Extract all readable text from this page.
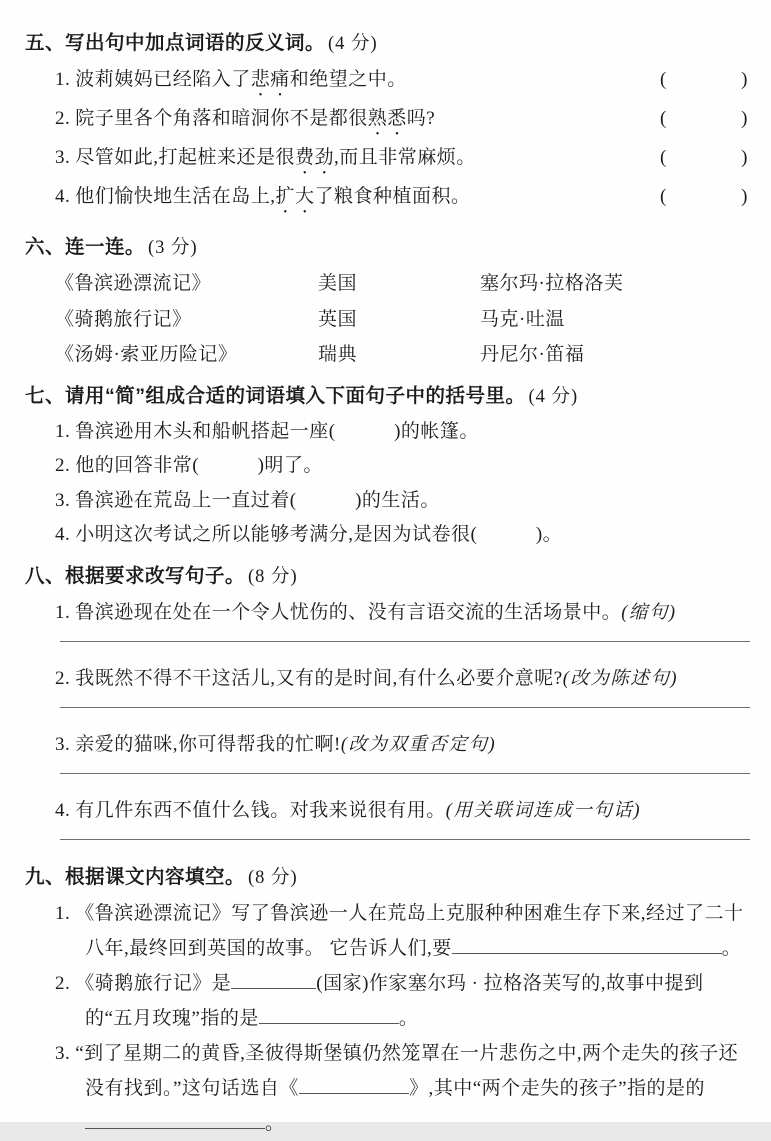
五、写出句中加点词语的反义词。 (4 分)

1. 波莉姨妈已经陷入了悲痛和绝望之中。	(	)

2. 院子里各个角落和暗洞你不是都很熟悉吗?	(	)

3. 尽管如此,打起桩来还是很费劲,而且非常麻烦。	(	)

4. 他们愉快地生活在岛上,扩大了粮食种植面积。	(	)
六、连一连。 (3 分)
《鲁滨逊漂流记》	美国	塞尔玛·拉格洛芙
《骑鹅旅行记》	英国	马克·吐温
《汤姆·索亚历险记》	瑞典	丹尼尔·笛福
七、请用“简”组成合适的词语填入下面句子中的括号里。 (4 分)

1. 鲁滨逊用木头和船帆搭起一座(　　　)的帐篷。

2. 他的回答非常(　　　)明了。

3. 鲁滨逊在荒岛上一直过着(　　　)的生活。

4. 小明这次考试之所以能够考满分,是因为试卷很(　　　)。

八、根据要求改写句子。 (8 分)

1. 鲁滨逊现在处在一个令人忧伤的、没有言语交流的生活场景中。(缩句)

2. 我既然不得不干这活儿,又有的是时间,有什么必要介意呢?(改为陈述句)

3. 亲爱的猫咪,你可得帮我的忙啊!(改为双重否定句)

4. 有几件东西不值什么钱。对我来说很有用。(用关联词连成一句话)

九、根据课文内容填空。 (8 分)

1. 《鲁滨逊漂流记》写了鲁滨逊一人在荒岛上克服种种困难生存下来,经过了二十八年,最终回到英国的故事。 它告诉人们,要	。

2. 《骑鹅旅行记》是	(国家)作家塞尔玛 · 拉格洛芙写的,故事中提到的“五月玫瑰”指的是	。

3. “到了星期二的黄昏,圣彼得斯堡镇仍然笼罩在一片悲伤之中,两个走失的孩子还没有找到。”这句话选自《	》,其中“两个走失的孩子”指的是的
。
